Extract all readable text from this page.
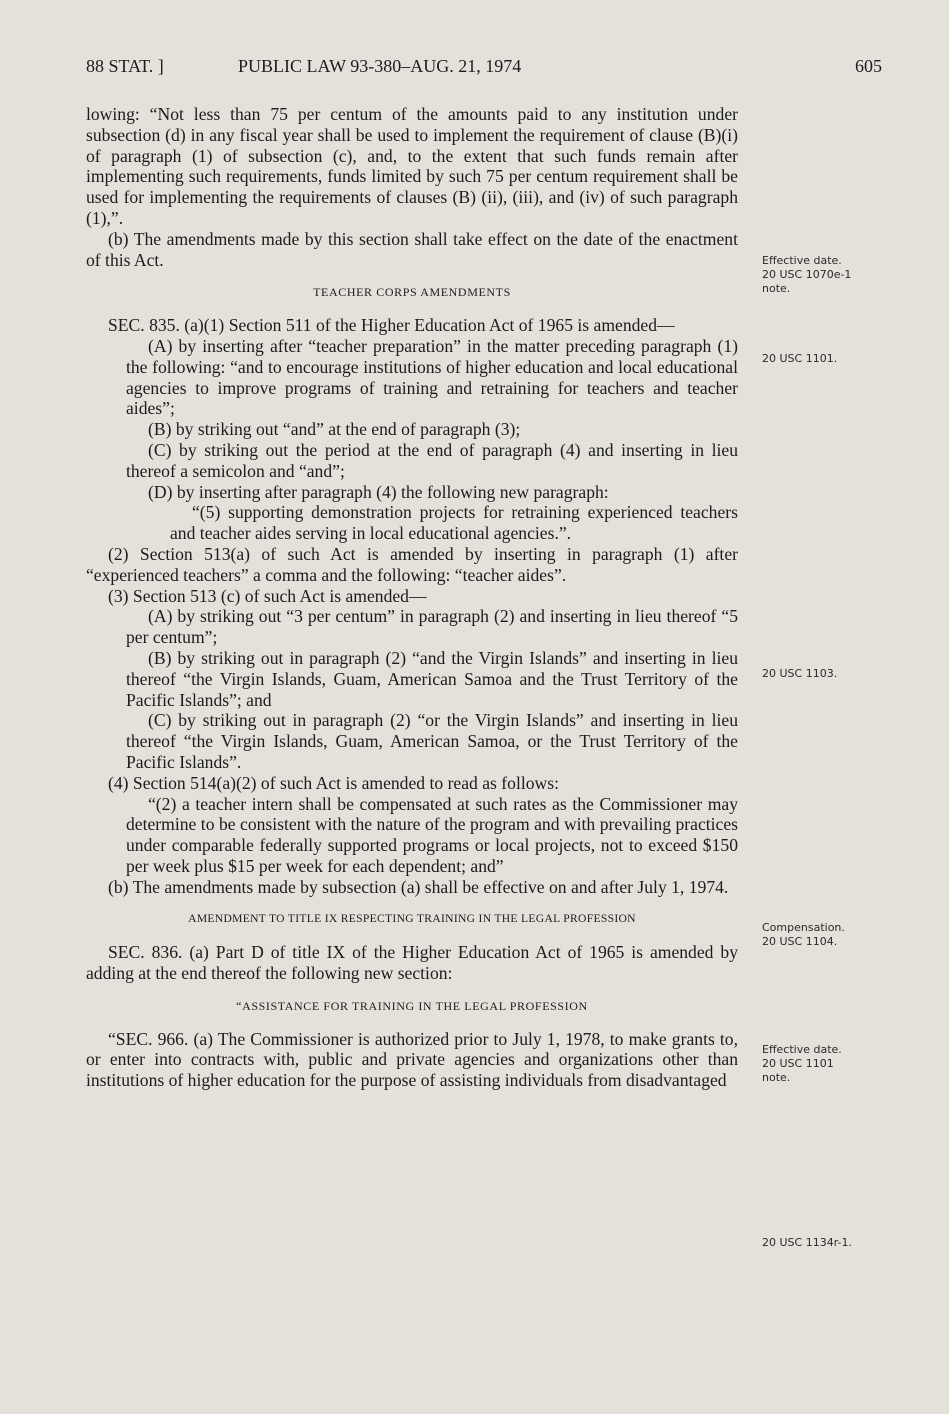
88 STAT. ]	PUBLIC LAW 93-380–AUG. 21, 1974	605

lowing: “Not less than 75 per centum of the amounts paid to any institution under subsection (d) in any fiscal year shall be used to implement the requirement of clause (B)(i) of paragraph (1) of subsection (c), and, to the extent that such funds remain after implementing such requirements, funds limited by such 75 per centum requirement shall be used for implementing the requirements of clauses (B) (ii), (iii), and (iv) of such paragraph (1),”.

(b) The amendments made by this section shall take effect on the date of the enactment of this Act.

TEACHER CORPS AMENDMENTS

SEC. 835. (a)(1) Section 511 of the Higher Education Act of 1965 is amended—

(A) by inserting after “teacher preparation” in the matter preceding paragraph (1) the following: “and to encourage institutions of higher education and local educational agencies to improve programs of training and retraining for teachers and teacher aides”;

(B) by striking out “and” at the end of paragraph (3);

(C) by striking out the period at the end of paragraph (4) and inserting in lieu thereof a semicolon and “and”;

(D) by inserting after paragraph (4) the following new paragraph:

“(5) supporting demonstration projects for retraining experienced teachers and teacher aides serving in local educational agencies.”.

(2) Section 513(a) of such Act is amended by inserting in paragraph (1) after “experienced teachers” a comma and the following: “teacher aides”.

(3) Section 513 (c) of such Act is amended—

(A) by striking out “3 per centum” in paragraph (2) and inserting in lieu thereof “5 per centum”;

(B) by striking out in paragraph (2) “and the Virgin Islands” and inserting in lieu thereof “the Virgin Islands, Guam, American Samoa and the Trust Territory of the Pacific Islands”; and

(C) by striking out in paragraph (2) “or the Virgin Islands” and inserting in lieu thereof “the Virgin Islands, Guam, American Samoa, or the Trust Territory of the Pacific Islands”.

(4) Section 514(a)(2) of such Act is amended to read as follows:

“(2) a teacher intern shall be compensated at such rates as the Commissioner may determine to be consistent with the nature of the program and with prevailing practices under comparable federally supported programs or local projects, not to exceed $150 per week plus $15 per week for each dependent; and”

(b) The amendments made by subsection (a) shall be effective on and after July 1, 1974.

AMENDMENT TO TITLE IX RESPECTING TRAINING IN THE LEGAL PROFESSION

SEC. 836. (a) Part D of title IX of the Higher Education Act of 1965 is amended by adding at the end thereof the following new section:

“ASSISTANCE FOR TRAINING IN THE LEGAL PROFESSION

“SEC. 966. (a) The Commissioner is authorized prior to July 1, 1978, to make grants to, or enter into contracts with, public and private agencies and organizations other than institutions of higher education for the purpose of assisting individuals from disadvantaged

Effective date.
20 USC 1070e-1
note.
20 USC 1101.
20 USC 1103.
Compensation.
20 USC 1104.
Effective date.
20 USC 1101
note.
20 USC 1134r-1.
